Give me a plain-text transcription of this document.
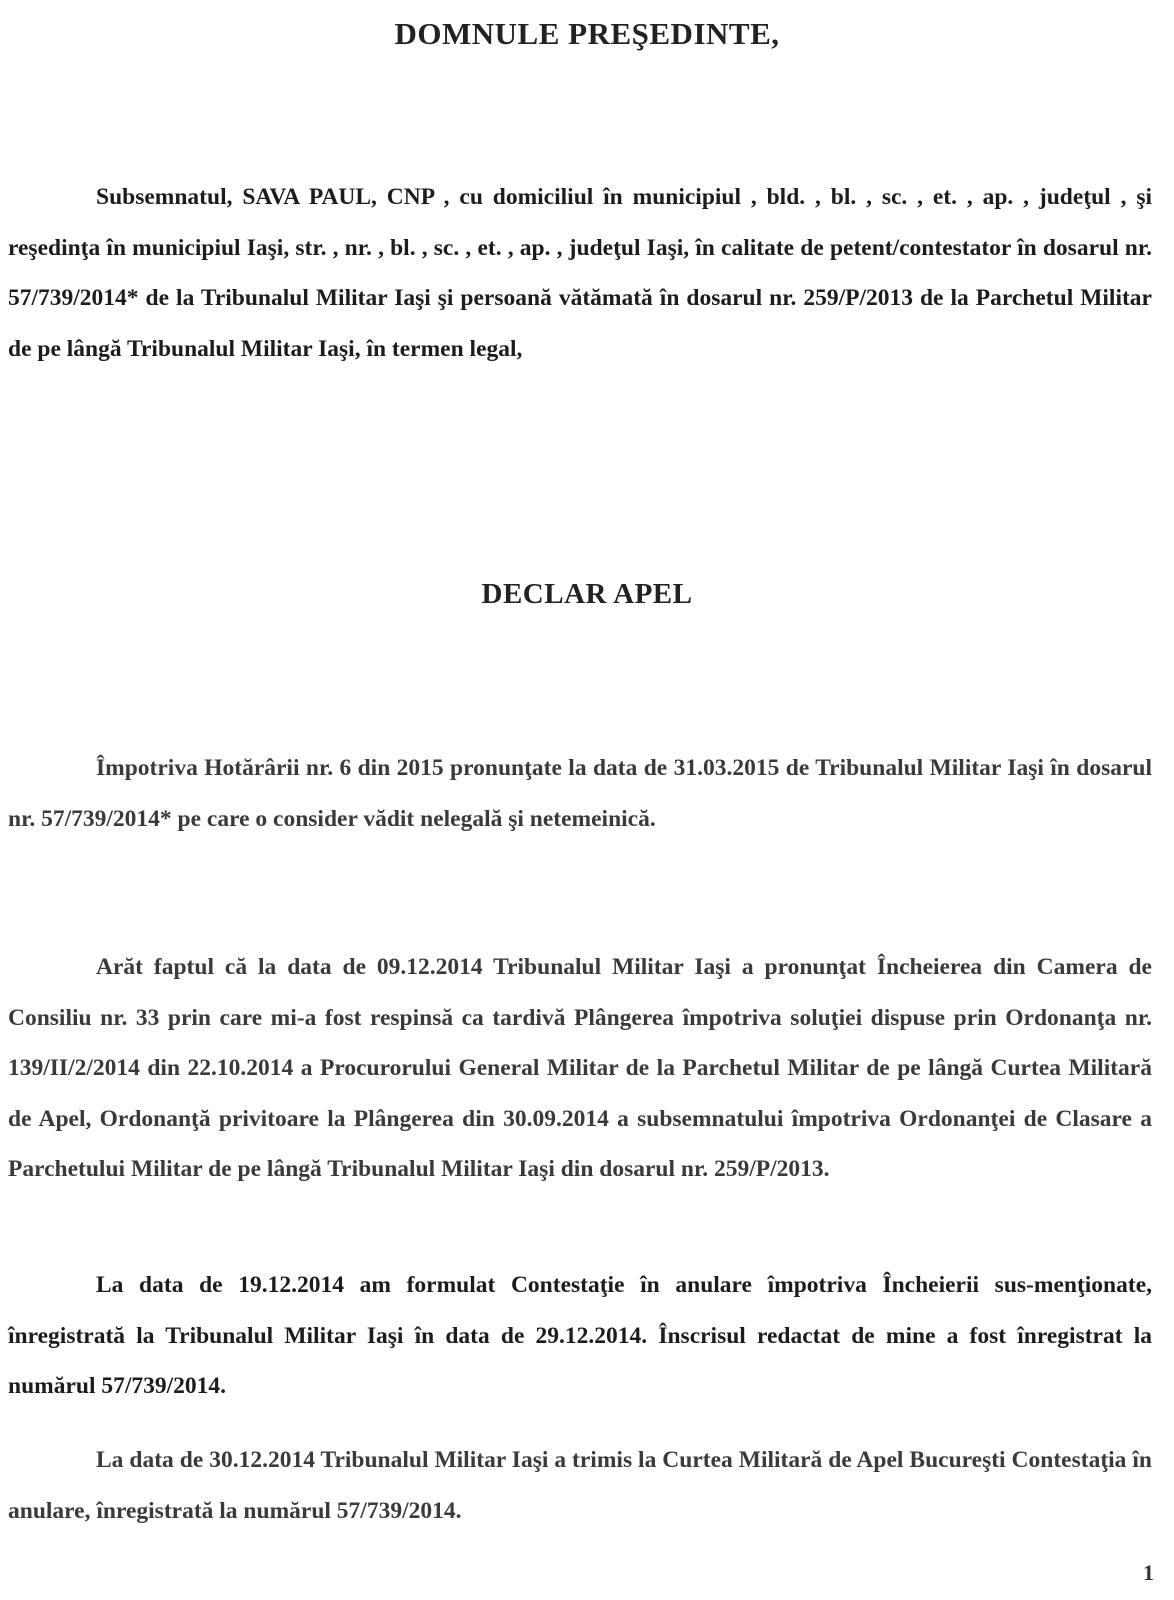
DOMNULE PREŞEDINTE,
Subsemnatul, SAVA PAUL, CNP , cu domiciliul în municipiul , bld. , bl. , sc. , et. , ap. , judeţul , şi reşedinţa în municipiul Iaşi, str. , nr. , bl. , sc. , et. , ap. , judeţul Iaşi, în calitate de petent/contestator în dosarul nr. 57/739/2014* de la Tribunalul Militar Iaşi şi persoană vătămată în dosarul nr. 259/P/2013 de la Parchetul Militar de pe lângă Tribunalul Militar Iaşi, în termen legal,
DECLAR APEL
Împotriva Hotărârii nr. 6 din 2015 pronunţate la data de 31.03.2015 de Tribunalul Militar Iaşi în dosarul nr. 57/739/2014* pe care o consider vădit nelegală şi netemeinică.
Arăt faptul că la data de 09.12.2014 Tribunalul Militar Iaşi a pronunţat Încheierea din Camera de Consiliu nr. 33 prin care mi-a fost respinsă ca tardivă Plângerea împotriva soluţiei dispuse prin Ordonanţa nr. 139/II/2/2014 din 22.10.2014 a Procurorului General Militar de la Parchetul Militar de pe lângă Curtea Militară de Apel, Ordonanţă privitoare la Plângerea din 30.09.2014 a subsemnatului împotriva Ordonanţei de Clasare a Parchetului Militar de pe lângă Tribunalul Militar Iaşi din dosarul nr. 259/P/2013.
La data de 19.12.2014 am formulat Contestaţie în anulare împotriva Încheierii sus-menţionate, înregistrată la Tribunalul Militar Iaşi în data de 29.12.2014. Înscrisul redactat de mine a fost înregistrat la numărul 57/739/2014.
La data de 30.12.2014 Tribunalul Militar Iaşi a trimis la Curtea Militară de Apel Bucureşti Contestaţia în anulare, înregistrată la numărul 57/739/2014.
1
